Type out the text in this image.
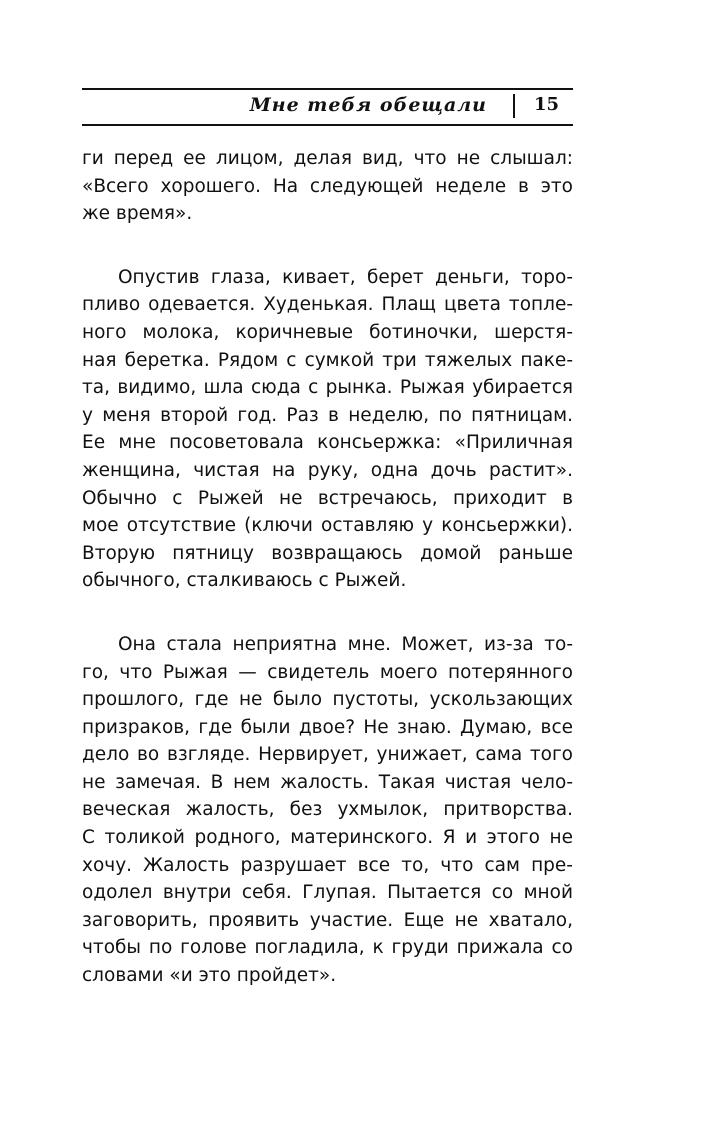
Мне тебя обещали	15

ги перед ее лицом, делая вид, что не слышал:
«Всего хорошего. На следующей неделе в это
же время».

Опустив глаза, кивает, берет деньги, торо-
пливо одевается. Худенькая. Плащ цвета топле-
ного молока, коричневые ботиночки, шерстя-
ная беретка. Рядом с сумкой три тяжелых паке-
та, видимо, шла сюда с рынка. Рыжая убирается
у меня второй год. Раз в неделю, по пятницам.
Ее мне посоветовала консьержка: «Приличная
женщина, чистая на руку, одна дочь растит».
Обычно с Рыжей не встречаюсь, приходит в
мое отсутствие (ключи оставляю у консьержки).
Вторую пятницу возвращаюсь домой раньше
обычного, сталкиваюсь с Рыжей.

Она стала неприятна мне. Может, из-за то-
го, что Рыжая — свидетель моего потерянного
прошлого, где не было пустоты, ускользающих
призраков, где были двое? Не знаю. Думаю, все
дело во взгляде. Нервирует, унижает, сама того
не замечая. В нем жалость. Такая чистая чело-
веческая жалость, без ухмылок, притворства.
С толикой родного, материнского. Я и этого не
хочу. Жалость разрушает все то, что сам пре-
одолел внутри себя. Глупая. Пытается со мной
заговорить, проявить участие. Еще не хватало,
чтобы по голове погладила, к груди прижала со
словами «и это пройдет».
